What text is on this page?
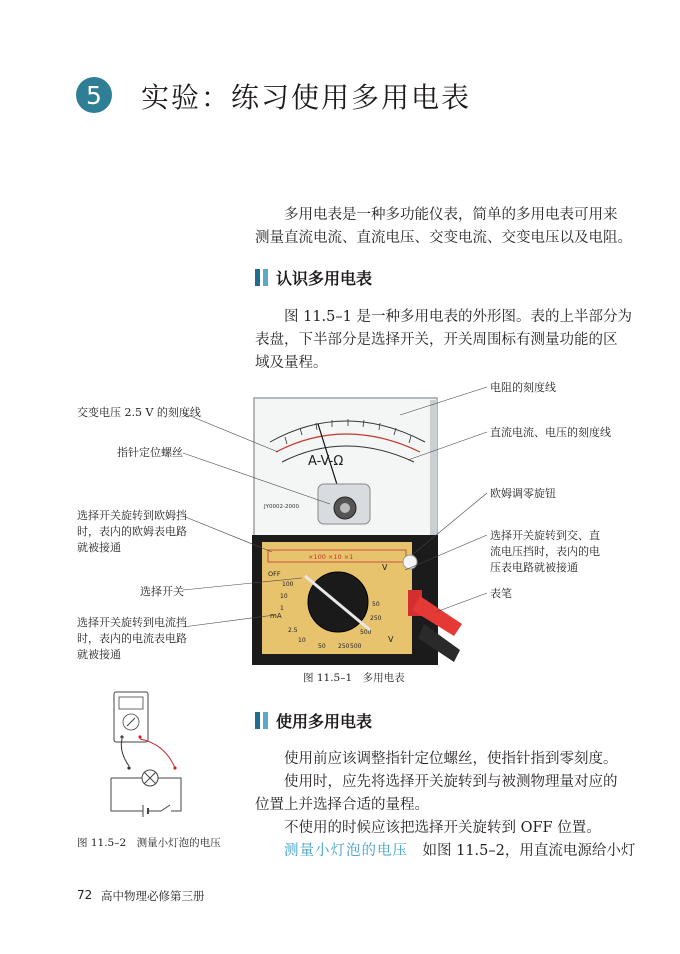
5	实验：练习使用多用电表
多用电表是一种多功能仪表，简单的多用电表可用来
测量直流电流、直流电压、交变电流、交变电压以及电阻。
认识多用电表
图 11.5–1 是一种多用电表的外形图。表的上半部分为
表盘，下半部分是选择开关，开关周围标有测量功能的区
域及量程。
A-V-Ω
JY0002-2000
×100 ×10 ×1
OFF
mA
V
V
100
10
1
2.5
10
50 250
50
250
500
500
交变电压 2.5 V 的刻度线
指针定位螺丝
选择开关旋转到欧姆挡
时，表内的欧姆表电路
就被接通
选择开关
选择开关旋转到电流挡
时，表内的电流表电路
就被接通
电阻的刻度线
直流电流、电压的刻度线
欧姆调零旋钮
选择开关旋转到交、直
流电压挡时，表内的电
压表电路就被接通
表笔
图 11.5–1　多用电表
图 11.5–2　测量小灯泡的电压
使用多用电表
使用前应该调整指针定位螺丝，使指针指到零刻度。
使用时，应先将选择开关旋转到与被测物理量对应的
位置上并选择合适的量程。
不使用的时候应该把选择开关旋转到 OFF 位置。
测量小灯泡的电压　 如图 11.5–2，用直流电源给小灯
72 高中物理必修第三册
